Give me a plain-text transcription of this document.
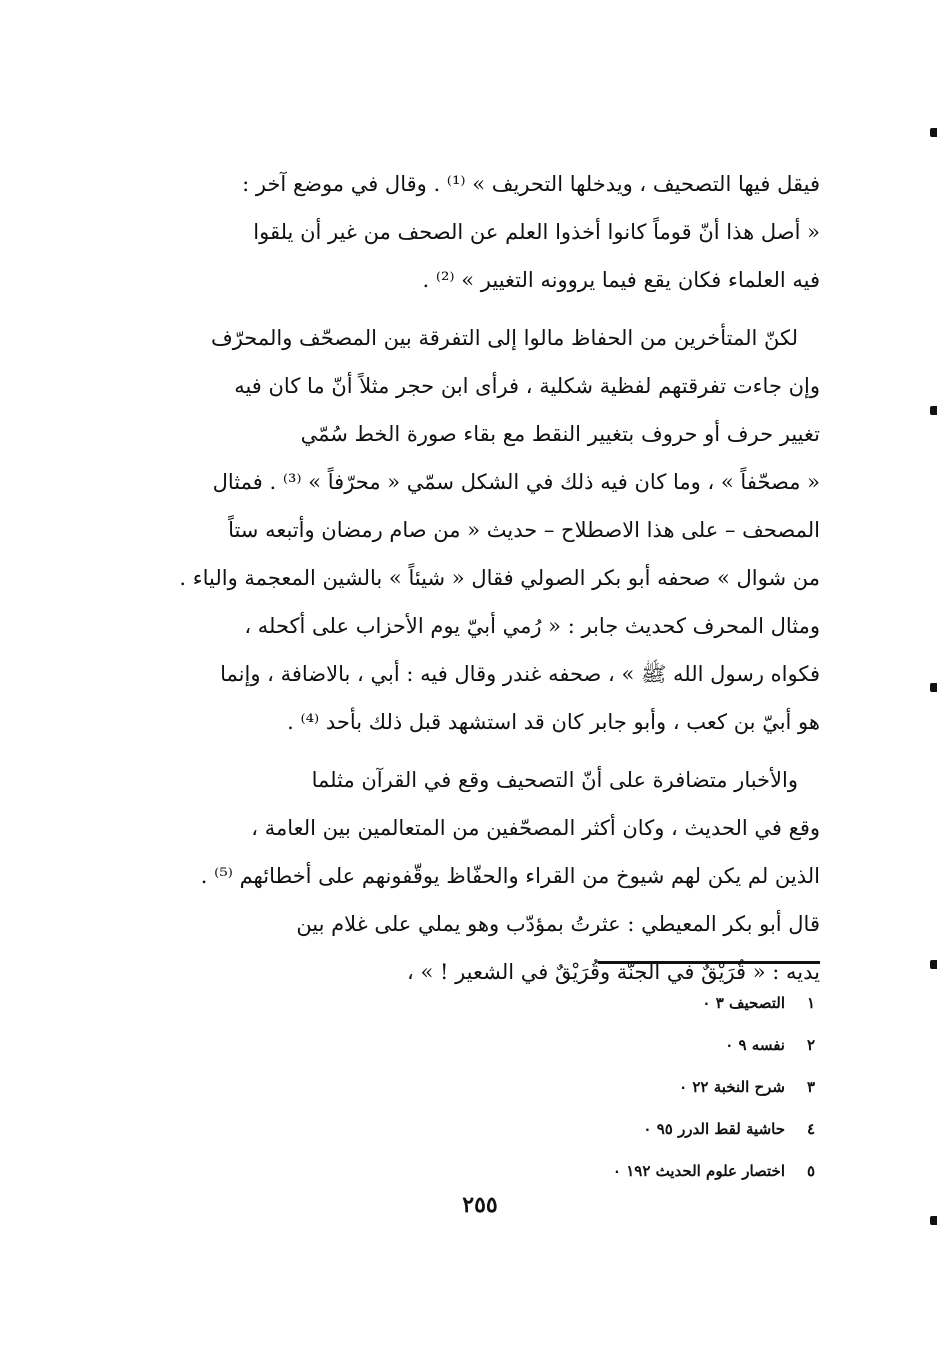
فيقل فيها التصحيف ، ويدخلها التحريف » ⁽¹⁾ . وقال في موضع آخر :
« أصل هذا أنّ قوماً كانوا أخذوا العلم عن الصحف من غير أن يلقوا
فيه العلماء فكان يقع فيما يروونه التغيير » ⁽²⁾ .

لكنّ المتأخرين من الحفاظ مالوا إلى التفرقة بين المصحّف والمحرّف
وإن جاءت تفرقتهم لفظية شكلية ، فرأى ابن حجر مثلاً أنّ ما كان فيه
تغيير حرف أو حروف بتغيير النقط مع بقاء صورة الخط سُمّي
« مصحّفاً » ، وما كان فيه ذلك في الشكل سمّي « محرّفاً » ⁽³⁾ . فمثال
المصحف – على هذا الاصطلاح – حديث « من صام رمضان وأتبعه ستاً
من شوال » صحفه أبو بكر الصولي فقال « شيئاً » بالشين المعجمة والياء .
ومثال المحرف كحديث جابر : « رُمي أبيّ يوم الأحزاب على أكحله ،
فكواه رسول الله ﷺ » ، صحفه غندر وقال فيه : أبي ، بالاضافة ، وإنما
هو أبيّ بن كعب ، وأبو جابر كان قد استشهد قبل ذلك بأحد ⁽⁴⁾ .

والأخبار متضافرة على أنّ التصحيف وقع في القرآن مثلما
وقع في الحديث ، وكان أكثر المصحّفين من المتعالمين بين العامة ،
الذين لم يكن لهم شيوخ من القراء والحفّاظ يوقّفونهم على أخطائهم ⁽⁵⁾ .
قال أبو بكر المعيطي : عثرتُ بمؤدّب وهو يملي على غلام بين
يديه : « قُرَيْقٌ في الجنّة وقُرَيْقٌ في الشعير ! » ،

١
التصحيف ٣ ٠
٢
نفسه ٩ ٠
٣
شرح النخبة ٢٢ ٠
٤
حاشية لقط الدرر ٩٥ ٠
٥
اختصار علوم الحديث ١٩٢ ٠
٢٥٥
